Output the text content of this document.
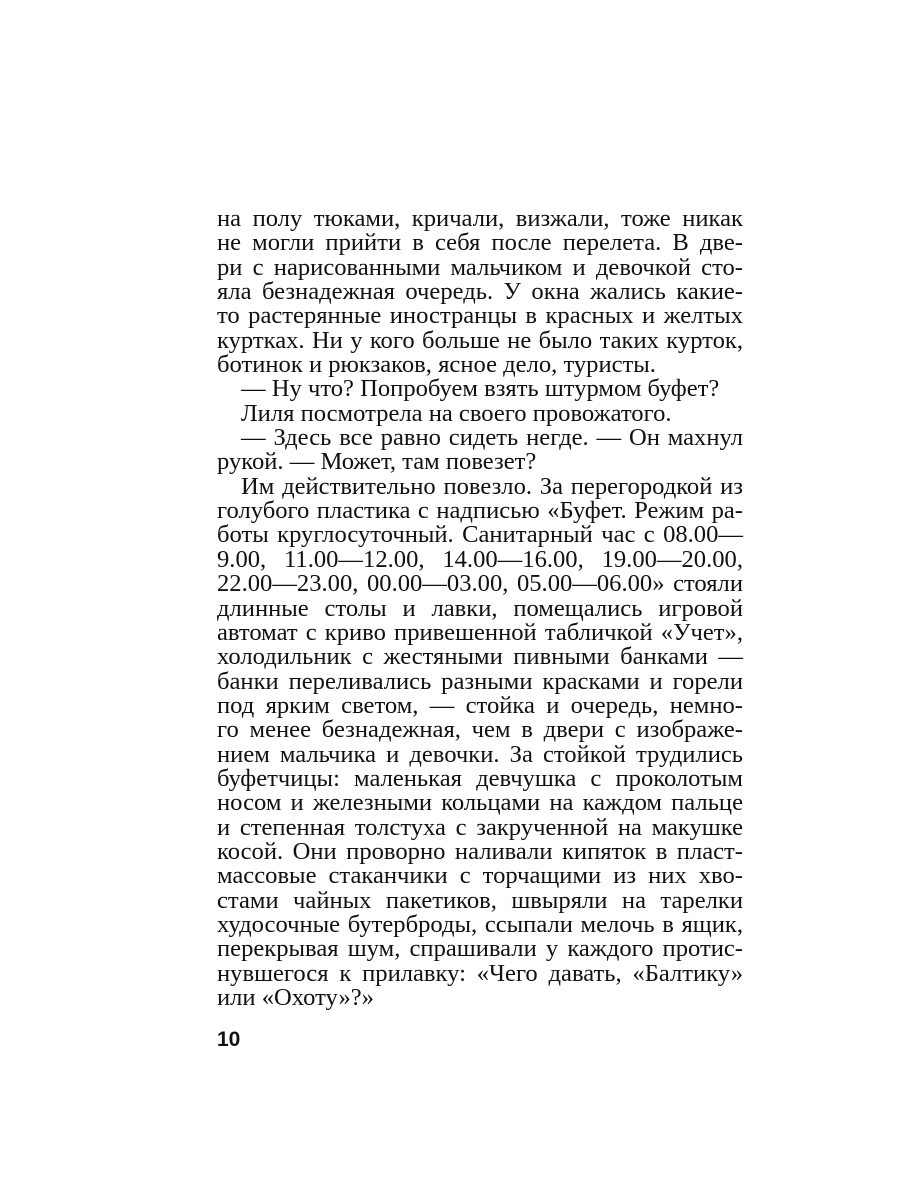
на полу тюками, кричали, визжали, тоже никак
не могли прийти в себя после перелета. В две-
ри с нарисованными мальчиком и девочкой сто-
яла безнадежная очередь. У окна жались какие-
то растерянные иностранцы в красных и желтых
куртках. Ни у кого больше не было таких курток,
ботинок и рюкзаков, ясное дело, туристы.
— Ну что? Попробуем взять штурмом буфет?
Лиля посмотрела на своего провожатого.
— Здесь все равно сидеть негде. — Он махнул
рукой. — Может, там повезет?
Им действительно повезло. За перегородкой из
голубого пластика с надписью «Буфет. Режим ра-
боты круглосуточный. Санитарный час с 08.00—
9.00, 11.00—12.00, 14.00—16.00, 19.00—20.00,
22.00—23.00, 00.00—03.00, 05.00—06.00» стояли
длинные столы и лавки, помещались игровой
автомат с криво привешенной табличкой «Учет»,
холодильник с жестяными пивными банками —
банки переливались разными красками и горели
под ярким светом, — стойка и очередь, немно-
го менее безнадежная, чем в двери с изображе-
нием мальчика и девочки. За стойкой трудились
буфетчицы: маленькая девчушка с проколотым
носом и железными кольцами на каждом пальце
и степенная толстуха с закрученной на макушке
косой. Они проворно наливали кипяток в пласт-
массовые стаканчики с торчащими из них хво-
стами чайных пакетиков, швыряли на тарелки
худосочные бутерброды, ссыпали мелочь в ящик,
перекрывая шум, спрашивали у каждого протис-
нувшегося к прилавку: «Чего давать, «Балтику»
или «Охоту»?»
10
